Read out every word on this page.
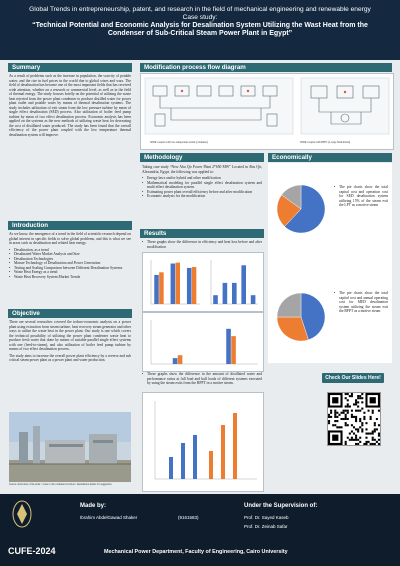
Global Trends in entrepreneurship, patent, and research in the field of mechanical engineering and renewable energy
Case study:
“Technical Potential and Economic Analysis for Desalination System Utilizing the Wast Heat from the Condenser of Sub-Critical Steam Power Plant in Egypt”
Summary
As a result of problems such as the increase in population, the scarcity of potable water, and the rise in fuel prices in the world due to global crises and wars. The field of desalination has become one of the most important fields that has received wide attention, whether on a research or commercial level, as well as in the field of thermal energy. The study focuses briefly on the potential of utilizing the waste heat rejected from the power plant condenser to produce distilled water for power plant outlet and potable water by means of thermal desalination systems. The study includes utilization of exit steam from the low pressure turbine by mean of single effect desalination (SED) process. Also utilization of boiler feed pump turbine by mean of two effect desalination process. Economic analysis has been applied on the systems as the new methods of utilizing waste heat for decreasing the cost of distillated water produced. The study has been found that the overall efficiency of the power plant coupled with the low temperature thermal desalination system will improve.
Introduction

As we know, the emergence of a trend in the field of scientific research depend on global interest in specific fields to solve global problems, and this is what we see in areas such as desalination and related heat energy.

• Desalination, as a trend
• Desalinated Water Market Analysis and Size
• Desalination Technologies
• Mature Technology of Desalination and Power Generation
• Testing and Scaling Comparison between Different Desalination Systems
• Waste Heat Energy as a trend
• Waste Heat Recovery System Market Trends
Objective

There are several researches covered the techno-economic analysis on a power plant using extraction from steam turbine, heat recovery steam generator and other ways to utilize the waste heat in the power plant. Our study is one which covers the technical possibility of utilizing the power plant condenser waste heat to produce fresh water that done by means of suitable parallel single effect systems with one (feed-to-steam), and also utilization of boiler feed pump turbine by means of two effect desalination process.

The study aims to increase the overall power plant efficiency by a reverse and sub critical steam power plant as a power plant and water production.

Source: Attraction of the plant / crane to the condenser location / desalination plants for suggestion
Modification process flow diagram
SPDR coupled with low-temperature steam (condenser)	SPDR coupled with BFPT (2-stage flash/mixed)
Methodology

Taking case study “New Abu Qir Power Plant 2*650 MW” Located in Abu Qir, Alexandria, Egypt, the following was applied to:

• Energy laws and/or hybrid and other modification
• Mathematical modeling for parallel single effect desalination system and multi effect desalination system.
• Estimating power plant overall efficiency before and after modification
• Economic analysis for the modification
Results
• These graphs show the difference in efficiency and heat loss before and after modification
• These graphs show the difference in the amount of distillated water and performance ratios at full load and half loads of different systems executed by using the steam exits from the BFPT in a motive steam.
Economically
• The pie charts show the total capital cost and operation cost for SED desalination system utilizing 15% of the steam exit the LPT as a motive steam
• The pie charts show the total capital cost and annual operating cost for MED desalination system utilizing the steam exit the BFPT as a motive steam
Check Our Slides Here!
Made by:
Ibrahim AbdelGawad Shaker	(9161583)
Under the Supervision of:
Prof. Dr. Sayed Kaseb
Prof. Dr. Zeinab Safar
CUFE-2024	Mechanical Power Department, Faculty of Engineering, Cairo University
